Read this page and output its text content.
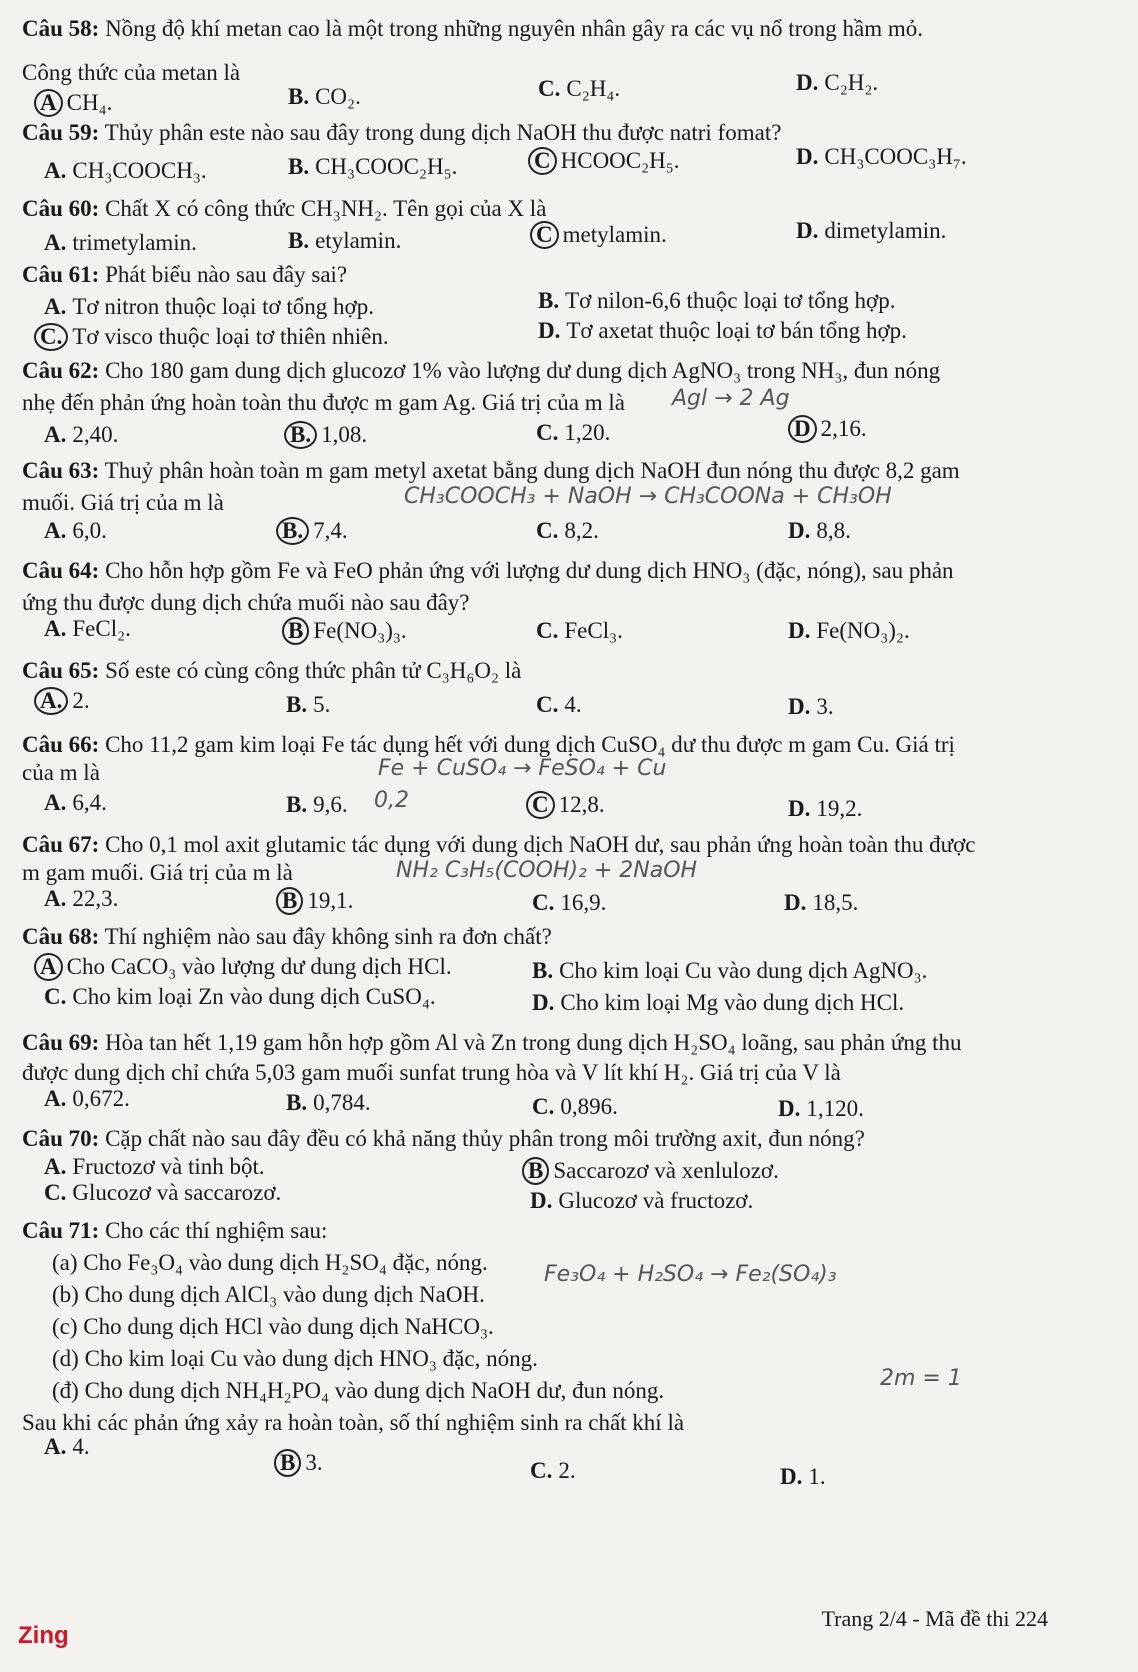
Câu 58: Nồng độ khí metan cao là một trong những nguyên nhân gây ra các vụ nổ trong hầm mỏ.
Công thức của metan là
A CH₄.	B. CO₂.	C. C₂H₄.	D. C₂H₂.
Câu 59: Thủy phân este nào sau đây trong dung dịch NaOH thu được natri fomat?
A. CH₃COOCH₃.	B. CH₃COOC₂H₅.	C HCOOC₂H₅.	D. CH₃COOC₃H₇.
Câu 60: Chất X có công thức CH₃NH₂. Tên gọi của X là
A. trimetylamin.	B. etylamin.	C metylamin.	D. dimetylamin.
Câu 61: Phát biểu nào sau đây sai?
A. Tơ nitron thuộc loại tơ tổng hợp.	B. Tơ nilon-6,6 thuộc loại tơ tổng hợp.
C. Tơ visco thuộc loại tơ thiên nhiên.	D. Tơ axetat thuộc loại tơ bán tổng hợp.
Câu 62: Cho 180 gam dung dịch glucozơ 1% vào lượng dư dung dịch AgNO₃ trong NH₃, đun nóng
nhẹ đến phản ứng hoàn toàn thu được m gam Ag. Giá trị của m là
A. 2,40.	B. 1,08.	C. 1,20.	D 2,16.
Agl → 2 Ag
Câu 63: Thuỷ phân hoàn toàn m gam metyl axetat bằng dung dịch NaOH đun nóng thu được 8,2 gam
muối. Giá trị của m là
A. 6,0.	B. 7,4.	C. 8,2.	D. 8,8.
CH₃COOCH₃ + NaOH → CH₃COONa + CH₃OH
Câu 64: Cho hỗn hợp gồm Fe và FeO phản ứng với lượng dư dung dịch HNO₃ (đặc, nóng), sau phản
ứng thu được dung dịch chứa muối nào sau đây?
A. FeCl₂.	B Fe(NO₃)₃.	C. FeCl₃.	D. Fe(NO₃)₂.
Câu 65: Số este có cùng công thức phân tử C₃H₆O₂ là
A. 2.	B. 5.	C. 4.	D. 3.
Câu 66: Cho 11,2 gam kim loại Fe tác dụng hết với dung dịch CuSO₄ dư thu được m gam Cu. Giá trị
của m là
A. 6,4.	B. 9,6.	C 12,8.	D. 19,2.
Fe + CuSO₄ → FeSO₄ + Cu
0,2
Câu 67: Cho 0,1 mol axit glutamic tác dụng với dung dịch NaOH dư, sau phản ứng hoàn toàn thu được
m gam muối. Giá trị của m là
A. 22,3.	B 19,1.	C. 16,9.	D. 18,5.
NH₂ C₃H₅(COOH)₂ + 2NaOH
Câu 68: Thí nghiệm nào sau đây không sinh ra đơn chất?
A Cho CaCO₃ vào lượng dư dung dịch HCl.	B. Cho kim loại Cu vào dung dịch AgNO₃.
C. Cho kim loại Zn vào dung dịch CuSO₄.	D. Cho kim loại Mg vào dung dịch HCl.
Câu 69: Hòa tan hết 1,19 gam hỗn hợp gồm Al và Zn trong dung dịch H₂SO₄ loãng, sau phản ứng thu
được dung dịch chỉ chứa 5,03 gam muối sunfat trung hòa và V lít khí H₂. Giá trị của V là
A. 0,672.	B. 0,784.	C. 0,896.	D. 1,120.
Câu 70: Cặp chất nào sau đây đều có khả năng thủy phân trong môi trường axit, đun nóng?
A. Fructozơ và tinh bột.	B Saccarozơ và xenlulozơ.
C. Glucozơ và saccarozơ.	D. Glucozơ và fructozơ.
Câu 71: Cho các thí nghiệm sau:
(a) Cho Fe₃O₄ vào dung dịch H₂SO₄ đặc, nóng.
(b) Cho dung dịch AlCl₃ vào dung dịch NaOH.
(c) Cho dung dịch HCl vào dung dịch NaHCO₃.
(d) Cho kim loại Cu vào dung dịch HNO₃ đặc, nóng.
(đ) Cho dung dịch NH₄H₂PO₄ vào dung dịch NaOH dư, đun nóng.
Sau khi các phản ứng xảy ra hoàn toàn, số thí nghiệm sinh ra chất khí là
A. 4.
B 3.	C. 2.	D. 1.
Fe₃O₄ + H₂SO₄ → Fe₂(SO₄)₃
2m = 1
Trang 2/4 - Mã đề thi 224
Zing
